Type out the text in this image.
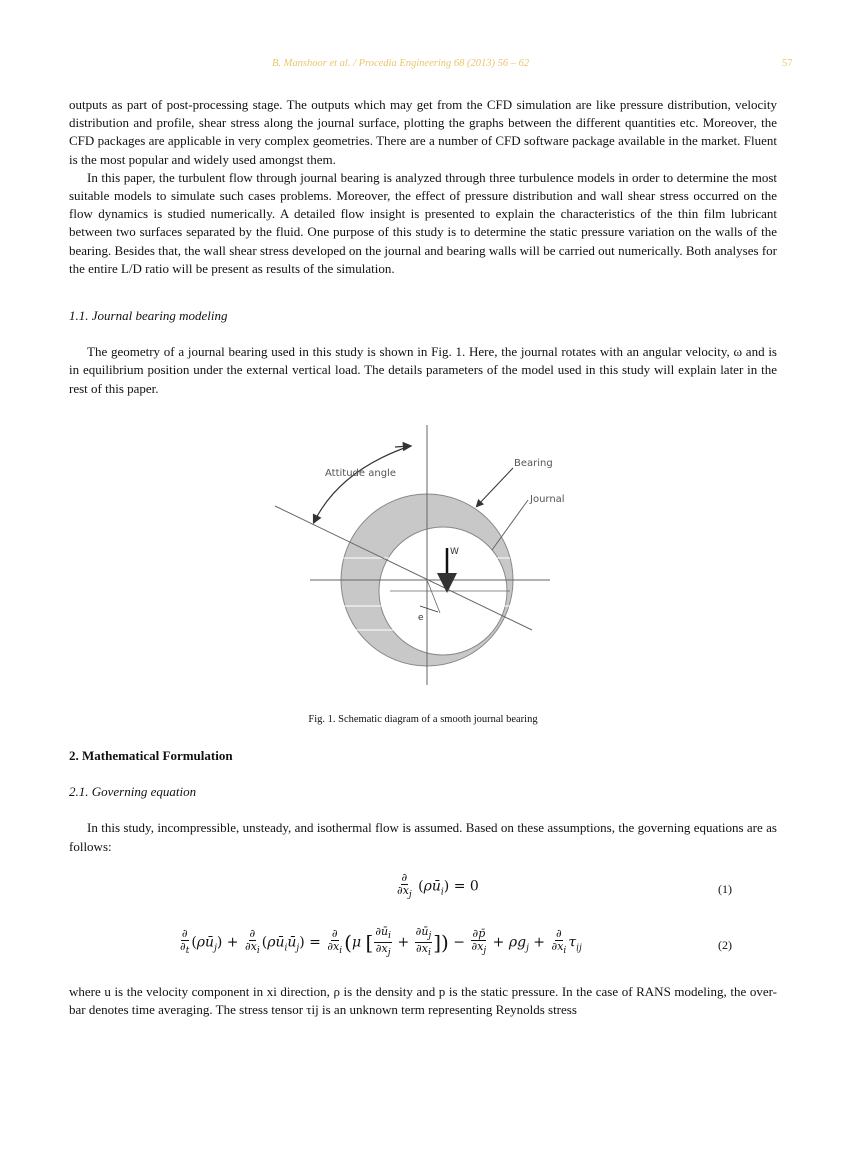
B. Manshoor et al. / Procedia Engineering 68 (2013) 56 – 62	57

outputs as part of post-processing stage. The outputs which may get from the CFD simulation are like pressure distribution, velocity distribution and profile, shear stress along the journal surface, plotting the graphs between the different quantities etc. Moreover, the CFD packages are applicable in very complex geometries. There are a number of CFD software package available in the market. Fluent is the most popular and widely used amongst them.

In this paper, the turbulent flow through journal bearing is analyzed through three turbulence models in order to determine the most suitable models to simulate such cases problems. Moreover, the effect of pressure distribution and wall shear stress occurred on the flow dynamics is studied numerically. A detailed flow insight is presented to explain the characteristics of the thin film lubricant between two surfaces separated by the fluid. One purpose of this study is to determine the static pressure variation on the walls of the bearing. Besides that, the wall shear stress developed on the journal and bearing walls will be carried out numerically. Both analyses for the entire L/D ratio will be present as results of the simulation.

1.1. Journal bearing modeling

The geometry of a journal bearing used in this study is shown in Fig. 1. Here, the journal rotates with an angular velocity, ω and is in equilibrium position under the external vertical load. The details parameters of the model used in this study will explain later in the rest of this paper.

Attitude angle
Bearing
Journal
W
e
Fig. 1. Schematic diagram of a smooth journal bearing

2. Mathematical Formulation

2.1. Governing equation

In this study, incompressible, unsteady, and isothermal flow is assumed. Based on these assumptions, the governing equations are as follows:

$\frac{\partial}{\partial x_j}$ $(\rho ū_i) = 0$	(1)
$\frac{\partial}{\partial_t}$ $(\rho ū_j) + \frac{\partial}{\partial x_i}$ $(\rho ū_iū_j) = \frac{\partial}{\partial x_i} (\mu$ [ $\frac{\partial ū_i}{\partial x_j} + \frac{\partial ū_j}{\partial x_i}$ ]) − $\frac{\partial p̄}{\partial x_j} + \rho g_j + \frac{\partial}{\partial x_i} \tau_{ij}$	(2)

where u is the velocity component in xi direction, ρ is the density and p is the static pressure. In the case of RANS modeling, the over-bar denotes time averaging. The stress tensor τij is an unknown term representing Reynolds stress
